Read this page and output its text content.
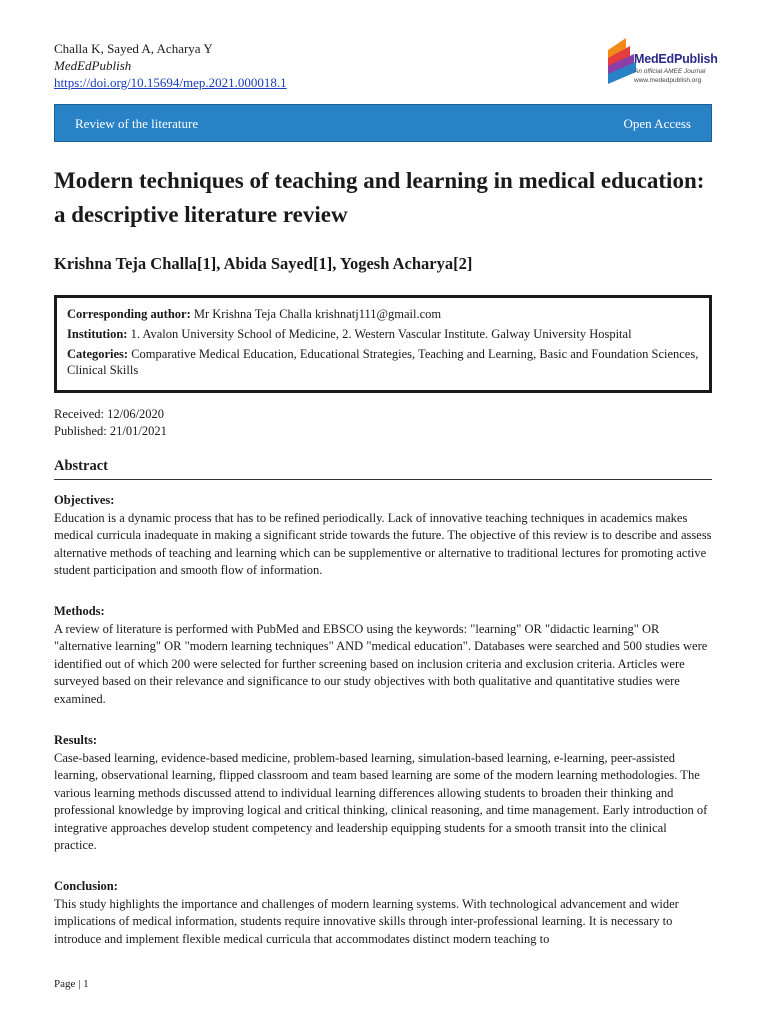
Challa K, Sayed A, Acharya Y
MedEdPublish
https://doi.org/10.15694/mep.2021.000018.1
MedEdPublish
An official AMEE Journal
www.mededpublish.org
Review of the literature	Open Access
Modern techniques of teaching and learning in medical education: a descriptive literature review
Krishna Teja Challa[1], Abida Sayed[1], Yogesh Acharya[2]

Corresponding author: Mr Krishna Teja Challa krishnatj111@gmail.com

Institution: 1. Avalon University School of Medicine, 2. Western Vascular Institute. Galway University Hospital

Categories: Comparative Medical Education, Educational Strategies, Teaching and Learning, Basic and Foundation Sciences, Clinical Skills

Received: 12/06/2020
Published: 21/01/2021
Abstract

Objectives:

Education is a dynamic process that has to be refined periodically. Lack of innovative teaching techniques in academics makes medical curricula inadequate in making a significant stride towards the future. The objective of this review is to describe and assess alternative methods of teaching and learning which can be supplementive or alternative to traditional lectures for promoting active student participation and smooth flow of information.

Methods:

A review of literature is performed with PubMed and EBSCO using the keywords: "learning" OR "didactic learning" OR "alternative learning" OR "modern learning techniques" AND "medical education". Databases were searched and 500 studies were identified out of which 200 were selected for further screening based on inclusion criteria and exclusion criteria. Articles were surveyed based on their relevance and significance to our study objectives with both qualitative and quantitative studies were examined.

Results:

Case-based learning, evidence-based medicine, problem-based learning, simulation-based learning, e-learning, peer-assisted learning, observational learning, flipped classroom and team based learning are some of the modern learning methodologies. The various learning methods discussed attend to individual learning differences allowing students to broaden their thinking and professional knowledge by improving logical and critical thinking, clinical reasoning, and time management. Early introduction of integrative approaches develop student competency and leadership equipping students for a smooth transit into the clinical practice.

Conclusion:

This study highlights the importance and challenges of modern learning systems. With technological advancement and wider implications of medical information, students require innovative skills through inter-professional learning. It is necessary to introduce and implement flexible medical curricula that accommodates distinct modern teaching to

Page | 1
